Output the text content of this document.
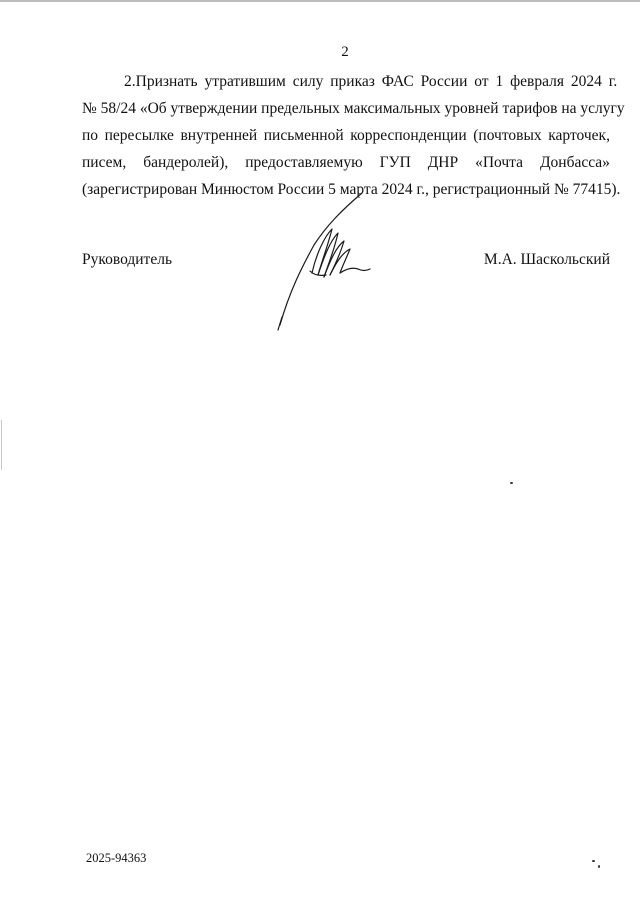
2
2. Признать утратившим силу приказ ФАС России от 1 февраля 2024 г.
№ 58/24 «Об утверждении предельных максимальных уровней тарифов на услугу
по пересылке внутренней письменной корреспонденции (почтовых карточек,
писем, бандеролей), предоставляемую ГУП ДНР «Почта Донбасса»
(зарегистрирован Минюстом России 5 марта 2024 г., регистрационный № 77415).
Руководитель	М.А. Шаскольский
2025-94363
